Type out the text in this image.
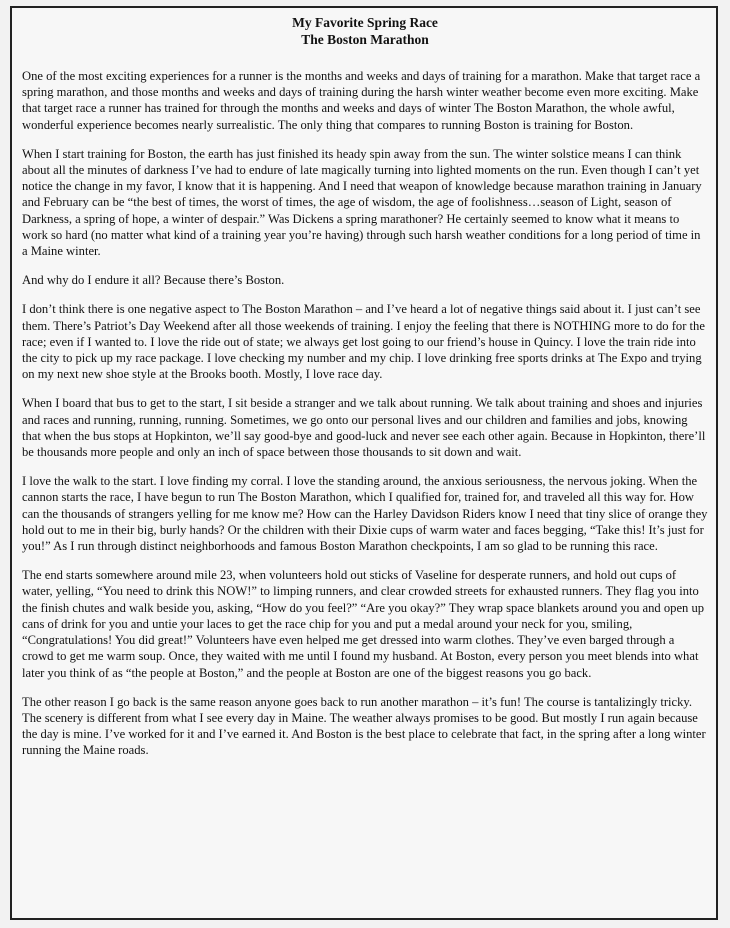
My Favorite Spring Race

The Boston Marathon

One of the most exciting experiences for a runner is the months and weeks and days of training for a marathon. Make that target race a spring marathon, and those months and weeks and days of training during the harsh winter weather become even more exciting. Make that target race a runner has trained for through the months and weeks and days of winter The Boston Marathon, the whole awful, wonderful experience becomes nearly surrealistic. The only thing that compares to running Boston is training for Boston.

When I start training for Boston, the earth has just finished its heady spin away from the sun. The winter solstice means I can think about all the minutes of darkness I’ve had to endure of late magically turning into lighted moments on the run. Even though I can’t yet notice the change in my favor, I know that it is happening. And I need that weapon of knowledge because marathon training in January and February can be “the best of times, the worst of times, the age of wisdom, the age of foolishness…season of Light, season of Darkness, a spring of hope, a winter of despair.” Was Dickens a spring marathoner? He certainly seemed to know what it means to work so hard (no matter what kind of a training year you’re having) through such harsh weather conditions for a long period of time in a Maine winter.

And why do I endure it all? Because there’s Boston.

I don’t think there is one negative aspect to The Boston Marathon – and I’ve heard a lot of negative things said about it. I just can’t see them. There’s Patriot’s Day Weekend after all those weekends of training. I enjoy the feeling that there is NOTHING more to do for the race; even if I wanted to. I love the ride out of state; we always get lost going to our friend’s house in Quincy. I love the train ride into the city to pick up my race package. I love checking my number and my chip. I love drinking free sports drinks at The Expo and trying on my next new shoe style at the Brooks booth. Mostly, I love race day.

When I board that bus to get to the start, I sit beside a stranger and we talk about running. We talk about training and shoes and injuries and races and running, running, running. Sometimes, we go onto our personal lives and our children and families and jobs, knowing that when the bus stops at Hopkinton, we’ll say good-bye and good-luck and never see each other again. Because in Hopkinton, there’ll be thousands more people and only an inch of space between those thousands to sit down and wait.

I love the walk to the start. I love finding my corral. I love the standing around, the anxious seriousness, the nervous joking. When the cannon starts the race, I have begun to run The Boston Marathon, which I qualified for, trained for, and traveled all this way for. How can the thousands of strangers yelling for me know me? How can the Harley Davidson Riders know I need that tiny slice of orange they hold out to me in their big, burly hands? Or the children with their Dixie cups of warm water and faces begging, “Take this! It’s just for you!” As I run through distinct neighborhoods and famous Boston Marathon checkpoints, I am so glad to be running this race.

The end starts somewhere around mile 23, when volunteers hold out sticks of Vaseline for desperate runners, and hold out cups of water, yelling, “You need to drink this NOW!” to limping runners, and clear crowded streets for exhausted runners. They flag you into the finish chutes and walk beside you, asking, “How do you feel?” “Are you okay?” They wrap space blankets around you and open up cans of drink for you and untie your laces to get the race chip for you and put a medal around your neck for you, smiling, “Congratulations! You did great!” Volunteers have even helped me get dressed into warm clothes. They’ve even barged through a crowd to get me warm soup. Once, they waited with me until I found my husband. At Boston, every person you meet blends into what later you think of as “the people at Boston,” and the people at Boston are one of the biggest reasons you go back.

The other reason I go back is the same reason anyone goes back to run another marathon – it’s fun! The course is tantalizingly tricky. The scenery is different from what I see every day in Maine. The weather always promises to be good. But mostly I run again because the day is mine. I’ve worked for it and I’ve earned it. And Boston is the best place to celebrate that fact, in the spring after a long winter running the Maine roads.
